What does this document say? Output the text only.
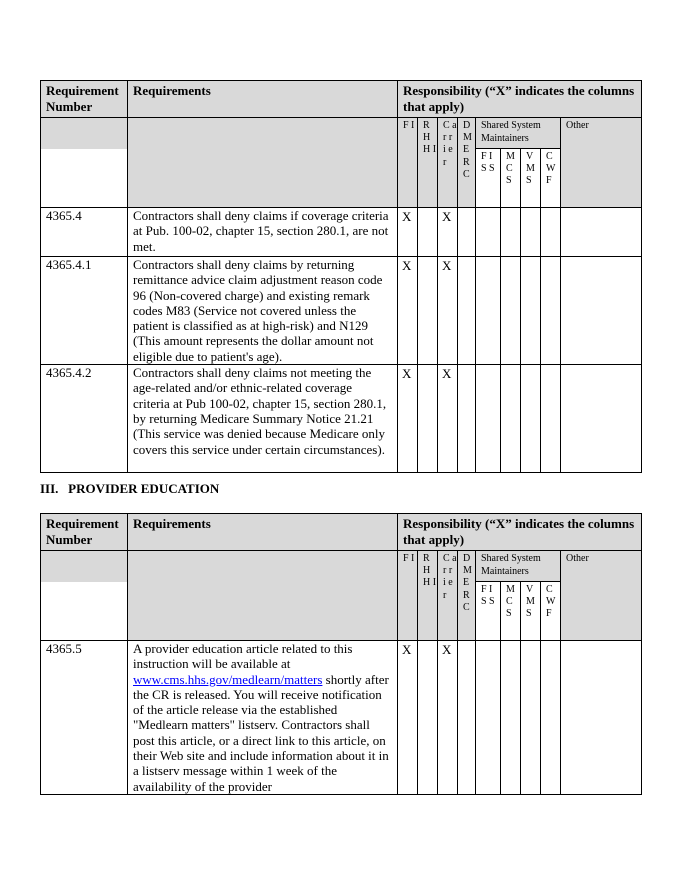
Requirement Number	Requirements	Responsibility (“X” indicates the columns that apply)								
		F I	R H H I	C a r r i e r	D M E R C	Shared System Maintainers				Other
						F I S S	M C S	V M S	C W F	
4365.4	Contractors shall deny claims if coverage criteria at Pub. 100-02, chapter 15, section 280.1, are not met.	X		X						
4365.4.1	Contractors shall deny claims by returning remittance advice claim adjustment reason code 96 (Non-covered charge) and existing remark codes M83 (Service not covered unless the patient is classified as at high-risk) and N129 (This amount represents the dollar amount not eligible due to patient's age).	X		X						
4365.4.2	Contractors shall deny claims not meeting the age-related and/or ethnic-related coverage criteria at Pub 100-02, chapter 15, section 280.1, by returning Medicare Summary Notice 21.21 (This service was denied because Medicare only covers this service under certain circumstances).	X		X						
III.   PROVIDER EDUCATION
Requirement Number	Requirements	Responsibility (“X” indicates the columns that apply)								
		F I	R H H I	C a r r i e r	D M E R C	Shared System Maintainers				Other
						F I S S	M C S	V M S	C W F	
4365.5	A provider education article related to this instruction will be available at www.cms.hhs.gov/medlearn/matters shortly after the CR is released. You will receive notification of the article release via the established "Medlearn matters" listserv. Contractors shall post this article, or a direct link to this article, on their Web site and include information about it in a listserv message within 1 week of the availability of the provider	X		X						
